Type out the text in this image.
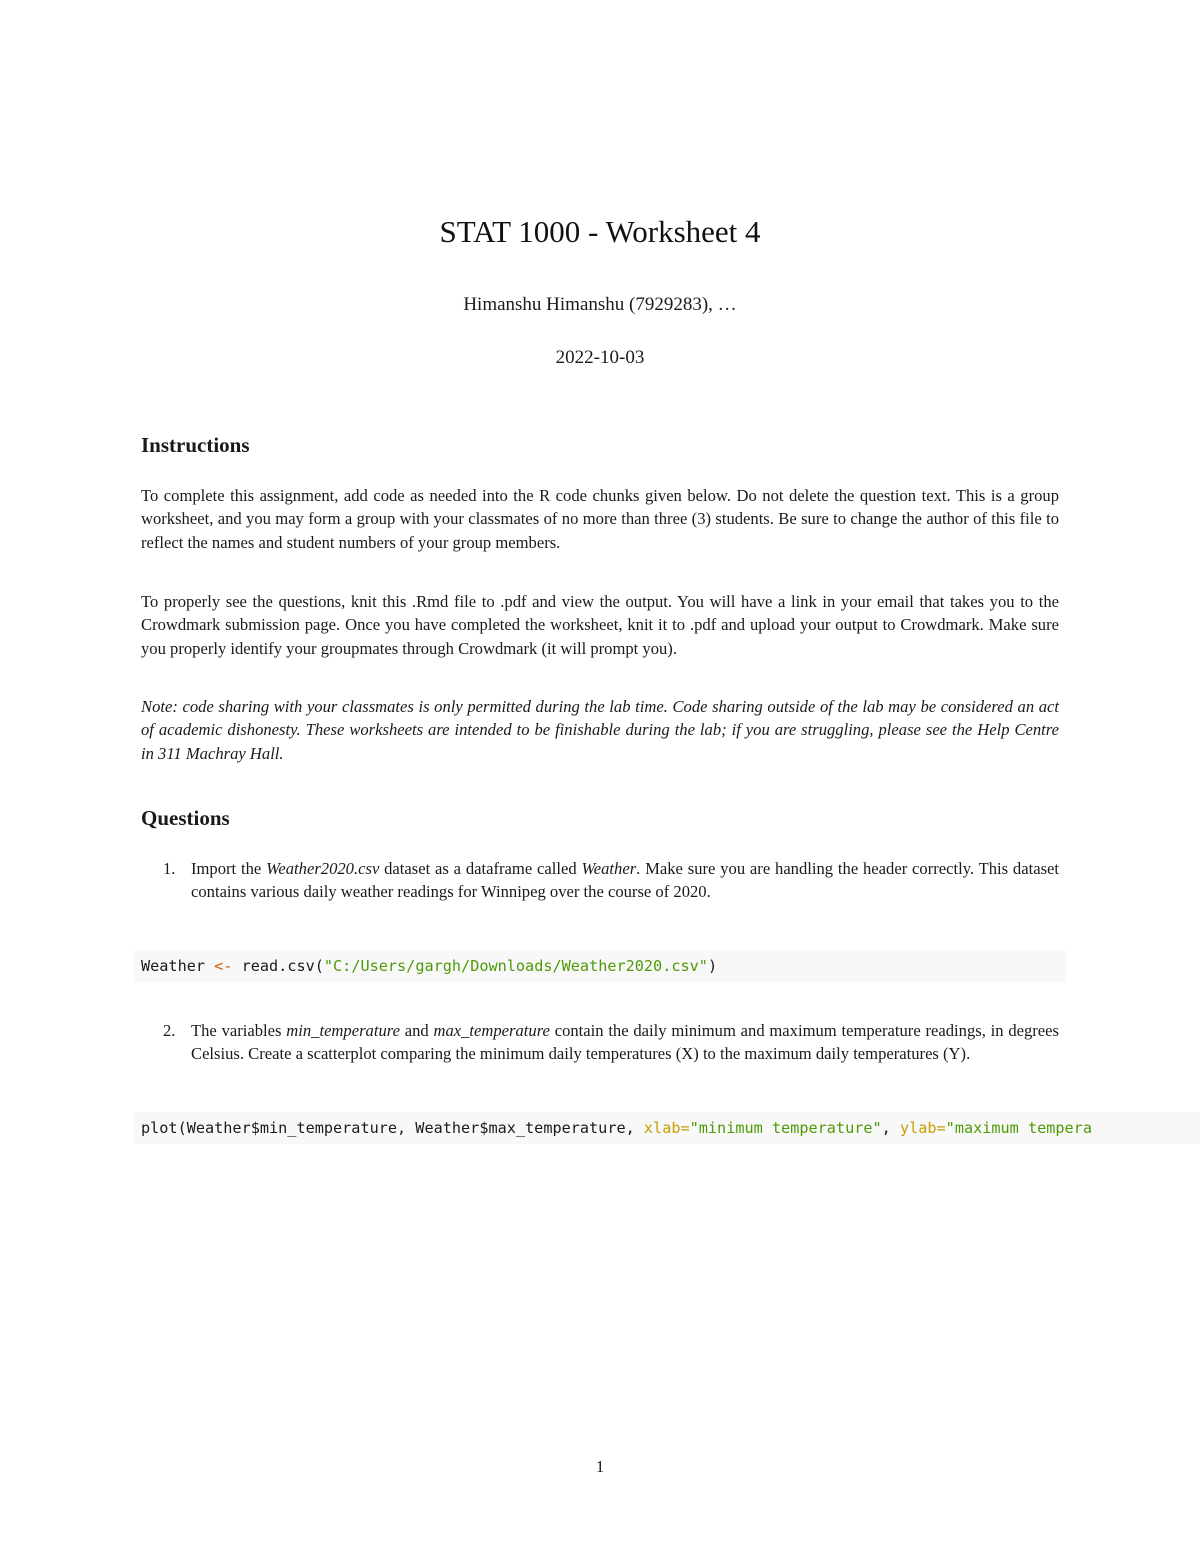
STAT 1000 - Worksheet 4
Himanshu Himanshu (7929283), …
2022-10-03
Instructions
To complete this assignment, add code as needed into the R code chunks given below. Do not delete the question text. This is a group worksheet, and you may form a group with your classmates of no more than three (3) students. Be sure to change the author of this file to reflect the names and student numbers of your group members.
To properly see the questions, knit this .Rmd file to .pdf and view the output. You will have a link in your email that takes you to the Crowdmark submission page. Once you have completed the worksheet, knit it to .pdf and upload your output to Crowdmark. Make sure you properly identify your groupmates through Crowdmark (it will prompt you).
Note: code sharing with your classmates is only permitted during the lab time. Code sharing outside of the lab may be considered an act of academic dishonesty. These worksheets are intended to be finishable during the lab; if you are struggling, please see the Help Centre in 311 Machray Hall.
Questions
1. Import the Weather2020.csv dataset as a dataframe called Weather. Make sure you are handling the header correctly. This dataset contains various daily weather readings for Winnipeg over the course of 2020.
Weather <- read.csv("C:/Users/gargh/Downloads/Weather2020.csv")
2. The variables min_temperature and max_temperature contain the daily minimum and maximum temperature readings, in degrees Celsius. Create a scatterplot comparing the minimum daily temperatures (X) to the maximum daily temperatures (Y).
plot(Weather$min_temperature, Weather$max_temperature, xlab="minimum temperature", ylab="maximum tempera
1
